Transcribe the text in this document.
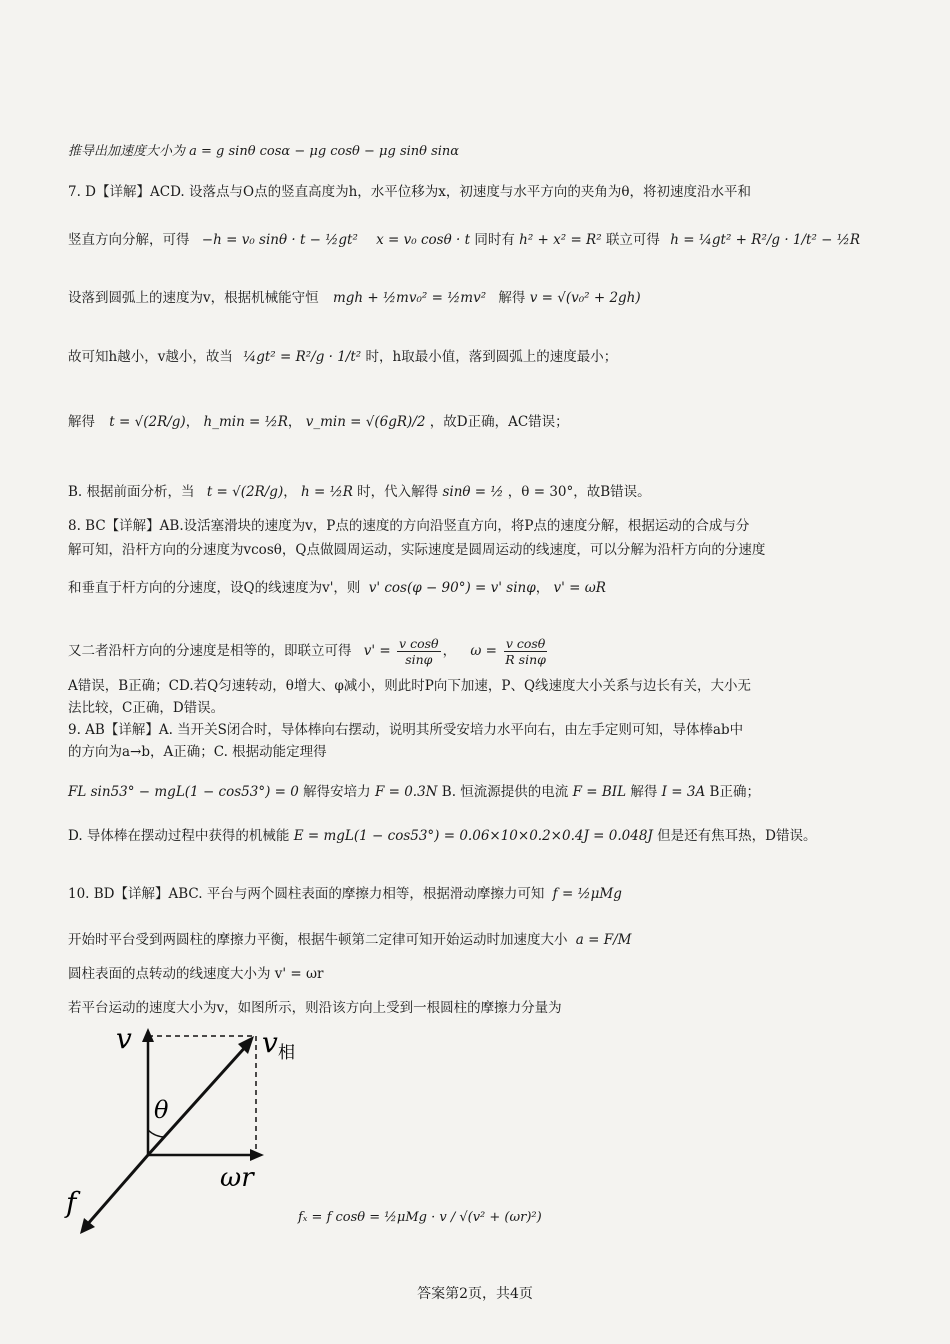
推导出加速度大小为 a = g sinθ cosα − μg cosθ − μg sinθ sinα
7. D【详解】ACD. 设落点与O点的竖直高度为h，水平位移为x，初速度与水平方向的夹角为θ，将初速度沿水平和
竖直方向分解，可得 −h = v₀ sinθ · t − ½gt² x = v₀ cosθ · t 同时有 h² + x² = R² 联立可得 h = ¼gt² + R²/g · 1/t² − ½R
设落到圆弧上的速度为v，根据机械能守恒 mgh + ½mv₀² = ½mv² 解得 v = √(v₀² + 2gh)
故可知h越小，v越小，故当 ¼gt² = R²/g · 1/t² 时，h取最小值，落到圆弧上的速度最小；
解得 t = √(2R/g)， h_min = ½R， v_min = √(6gR)/2 ，故D正确，AC错误；
B. 根据前面分析，当 t = √(2R/g)， h = ½R 时，代入解得 sinθ = ½ ，θ = 30°，故B错误。
8. BC【详解】AB.设活塞滑块的速度为v，P点的速度的方向沿竖直方向，将P点的速度分解，根据运动的合成与分
解可知，沿杆方向的分速度为vcosθ，Q点做圆周运动，实际速度是圆周运动的线速度，可以分解为沿杆方向的分速度
和垂直于杆方向的分速度，设Q的线速度为v'，则 v' cos(φ − 90°) = v' sinφ， v' = ωR
又二者沿杆方向的分速度是相等的，即联立可得 $v' = \frac{\text{v cosθ}}{\sin\varphi}$ ， $\omega = \frac{\text{v cosθ}}{\text{R sinφ}}$
A错误，B正确；CD.若Q匀速转动，θ增大、φ减小，则此时P向下加速，P、Q线速度大小关系与边长有关，大小无
法比较，C正确，D错误。
9. AB【详解】A. 当开关S闭合时，导体棒向右摆动，说明其所受安培力水平向右，由左手定则可知，导体棒ab中
的方向为a→b，A正确；C. 根据动能定理得
FL sin53° − mgL(1 − cos53°) = 0 解得安培力 F = 0.3N B. 恒流源提供的电流 F = BIL 解得 I = 3A B正确；
D. 导体棒在摆动过程中获得的机械能 E = mgL(1 − cos53°) = 0.06×10×0.2×0.4J = 0.048J 但是还有焦耳热，D错误。
10. BD【详解】ABC. 平台与两个圆柱表面的摩擦力相等，根据滑动摩擦力可知 f = ½μMg
开始时平台受到两圆柱的摩擦力平衡，根据牛顿第二定律可知开始运动时加速度大小 a = F/M
圆柱表面的点转动的线速度大小为 v' = ωr
若平台运动的速度大小为v，如图所示，则沿该方向上受到一根圆柱的摩擦力分量为
v	v 相
θ
ωr
f	fₓ = f cosθ = ½μMg · v / √(v² + (ωr)²)
答案第2页，共4页
